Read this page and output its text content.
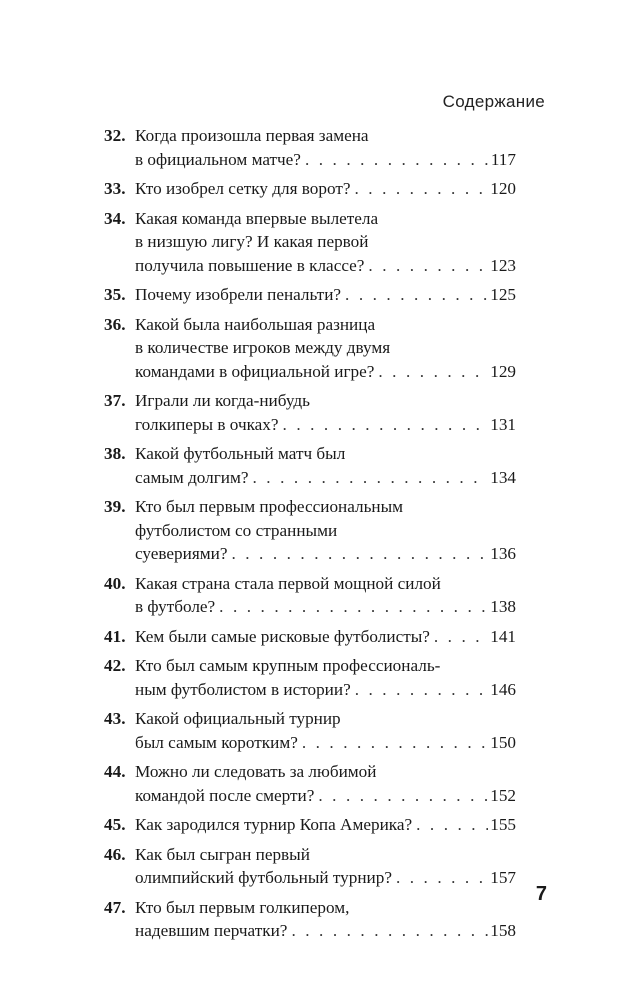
Содержание
32. Когда произошла первая замена
в официальном матче? . . .	117
33. Кто изобрел сетку для ворот? . . .	120
34. Какая команда впервые вылетела
в низшую лигу? И какая первой
получила повышение в классе? . . .	123
35. Почему изобрели пенальти? . . .	125
36. Какой была наибольшая разница
в количестве игроков между двумя
командами в официальной игре? . . .	129
37. Играли ли когда-нибудь
голкиперы в очках? . . .	131
38. Какой футбольный матч был
самым долгим? . . .	134
39. Кто был первым профессиональным
футболистом со странными
суевериями? . . .	136
40. Какая страна стала первой мощной силой
в футболе? . . .	138
41. Кем были самые рисковые футболисты? . . .	141
42. Кто был самым крупным профессиональ-
ным футболистом в истории? . . .	146
43. Какой официальный турнир
был самым коротким? . . .	150
44. Можно ли следовать за любимой
командой после смерти? . . .	152
45. Как зародился турнир Копа Америка? . . .	155
46. Как был сыгран первый
олимпийский футбольный турнир? . . .	157
47. Кто был первым голкипером,
надевшим перчатки? . . .	158
7
